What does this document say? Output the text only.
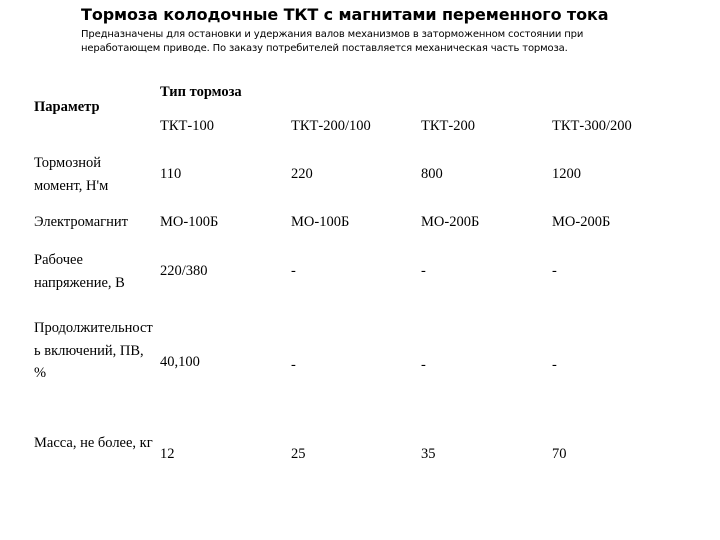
Тормоза колодочные ТКТ с магнитами переменного тока
Предназначены для остановки и удержания валов механизмов в заторможенном состоянии при неработающем приводе. По заказу потребителей поставляется механическая часть тормоза.
Параметр
Тип тормоза
ТКТ-100	ТКТ-200/100	ТКТ-200	ТКТ-300/200
Тормозной момент, Н'м
110	220	800	1200
Электромагнит МО-100Б	МО-100Б	МО-200Б	МО-200Б
Рабочее напряжение, В
220/380	-	-	-
Продолжительность включений, ПВ, %
40,100	-	-	-
Масса, не более, кг
12	25	35	70
